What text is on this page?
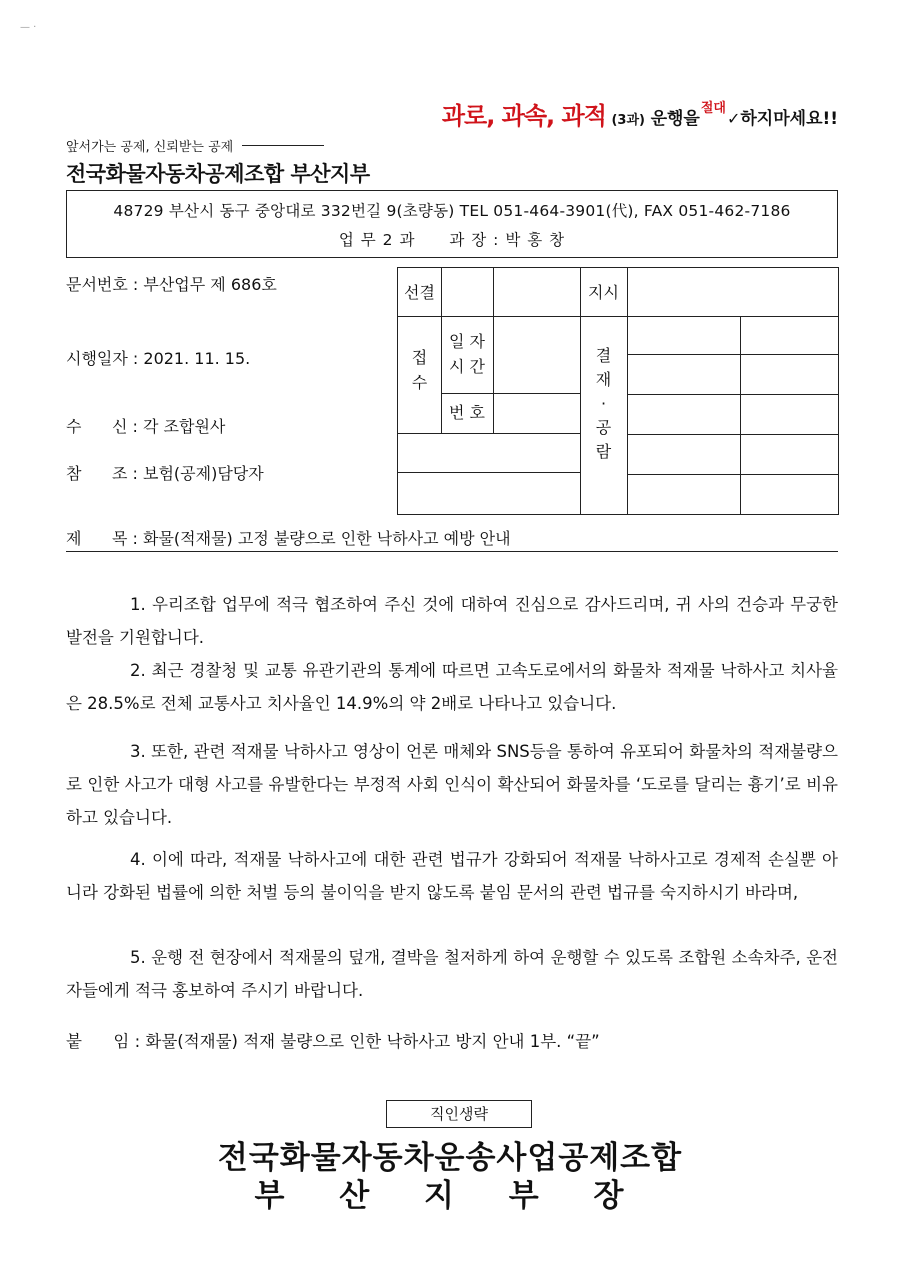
— ·
과로, 과속, 과적 (3과) 운행을절대✓하지마세요!!
앞서가는 공제, 신뢰받는 공제
전국화물자동차공제조합 부산지부
48729 부산시 동구 중앙대로 332번길 9(초량동) TEL 051-464-3901(代), FAX 051-462-7186
업 무 2 과 과 장 : 박 홍 창
문서번호 : 부산업무 제 686호
시행일자 : 2021. 11. 15.
수      신 : 각 조합원사
참      조 : 보험(공제)담당자
제      목 : 화물(적재물) 고정 불량으로 인한 낙하사고 예방 안내
선결	지시
접
수
일 자
시 간
번 호
결
재
·
공
람
1. 우리조합 업무에 적극 협조하여 주신 것에 대하여 진심으로 감사드리며, 귀 사의 건승과 무궁한 발전을 기원합니다.
2. 최근 경찰청 및 교통 유관기관의 통계에 따르면 고속도로에서의 화물차 적재물 낙하사고 치사율은 28.5%로 전체 교통사고 치사율인 14.9%의 약 2배로 나타나고 있습니다.
3. 또한, 관련 적재물 낙하사고 영상이 언론 매체와 SNS등을 통하여 유포되어 화물차의 적재불량으로 인한 사고가 대형 사고를 유발한다는 부정적 사회 인식이 확산되어 화물차를 ‘도로를 달리는 흉기’로 비유하고 있습니다.
4. 이에 따라, 적재물 낙하사고에 대한 관련 법규가 강화되어 적재물 낙하사고로 경제적 손실뿐 아니라 강화된 법률에 의한 처벌 등의 불이익을 받지 않도록 붙임 문서의 관련 법규를 숙지하시기 바라며,
5. 운행 전 현장에서 적재물의 덮개, 결박을 철저하게 하여 운행할 수 있도록 조합원 소속차주, 운전자들에게 적극 홍보하여 주시기 바랍니다.
붙      임 : 화물(적재물) 적재 불량으로 인한 낙하사고 방지 안내 1부. “끝”
직인생략
전국화물자동차운송사업공제조합
부 산 지 부 장
